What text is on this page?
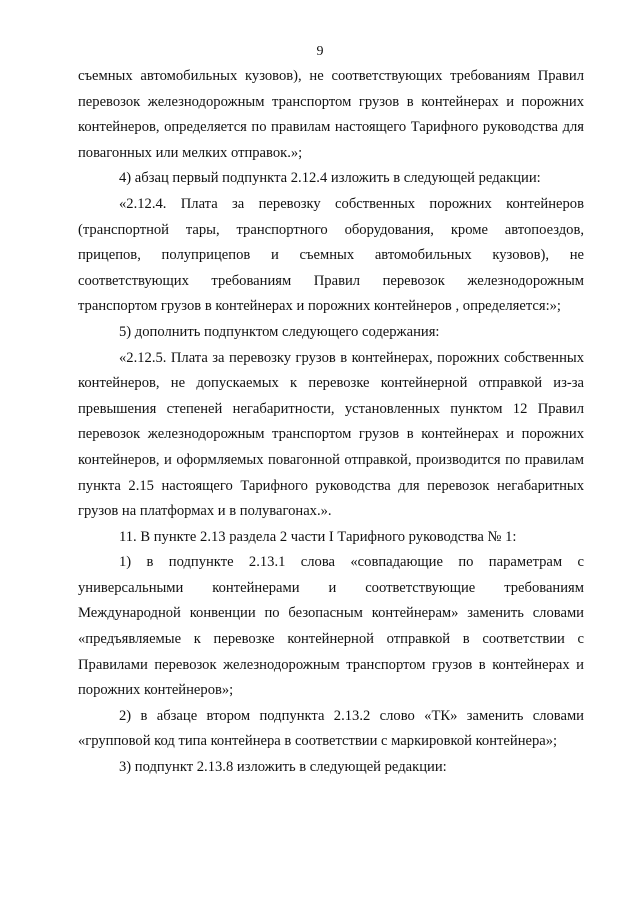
9

съемных автомобильных кузовов), не соответствующих требованиям Правил перевозок железнодорожным транспортом грузов в контейнерах и порожних контейнеров, определяется по правилам настоящего Тарифного руководства для повагонных или мелких отправок.»;

4) абзац первый подпункта 2.12.4 изложить в следующей редакции:

«2.12.4. Плата за перевозку собственных порожних контейнеров (транспортной тары, транспортного оборудования, кроме автопоездов, прицепов, полуприцепов и съемных автомобильных кузовов), не соответствующих требованиям Правил перевозок железнодорожным транспортом грузов в контейнерах и порожних контейнеров , определяется:»;

5) дополнить подпунктом следующего содержания:

«2.12.5. Плата за перевозку грузов в контейнерах, порожних собственных контейнеров, не допускаемых к перевозке контейнерной отправкой из-за превышения степеней негабаритности, установленных пунктом 12 Правил перевозок железнодорожным транспортом грузов в контейнерах и порожних контейнеров, и оформляемых повагонной отправкой, производится по правилам пункта 2.15 настоящего Тарифного руководства для перевозок негабаритных грузов на платформах и в полувагонах.».

11. В пункте 2.13 раздела 2 части I Тарифного руководства № 1:

1) в подпункте 2.13.1 слова «совпадающие по параметрам с универсальными контейнерами и соответствующие требованиям Международной конвенции по безопасным контейнерам» заменить словами «предъявляемые к перевозке контейнерной отправкой в соответствии с Правилами перевозок железнодорожным транспортом грузов в контейнерах и порожних контейнеров»;

2) в абзаце втором подпункта 2.13.2 слово «ТК» заменить словами «групповой код типа контейнера в соответствии с маркировкой контейнера»;

3) подпункт 2.13.8 изложить в следующей редакции:
